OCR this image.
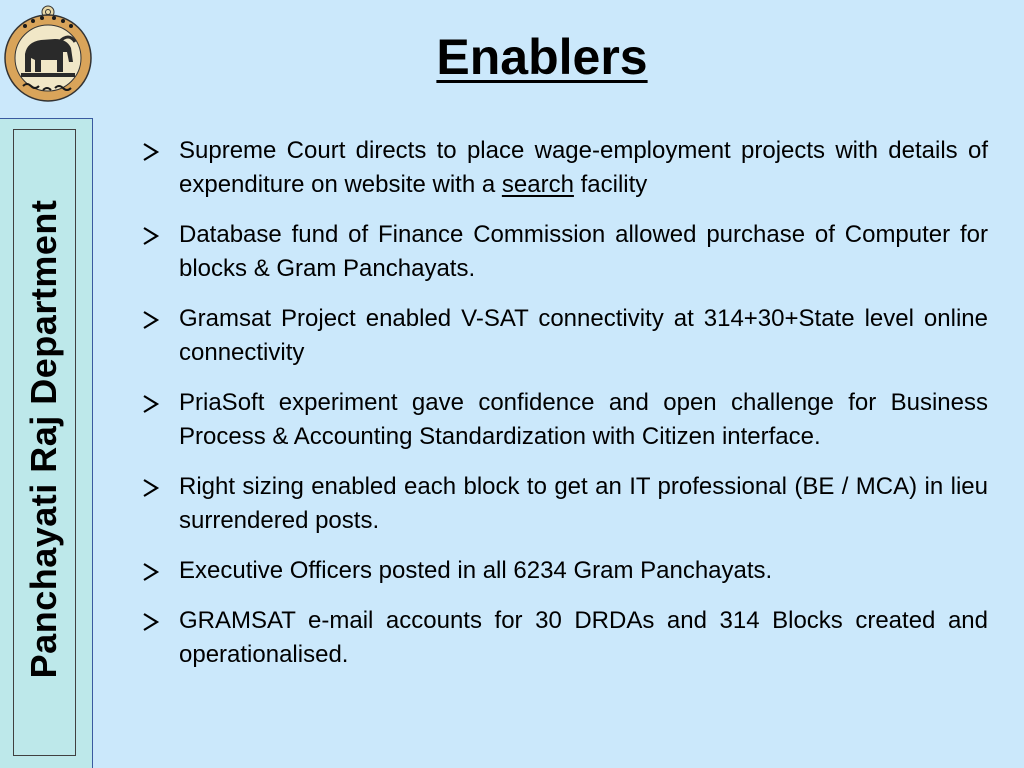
Enablers
Panchayati Raj Department
Supreme Court directs to place wage-employment projects with details of expenditure on website with a search facility
Database fund of Finance Commission allowed purchase of Computer for blocks & Gram Panchayats.
Gramsat Project enabled V-SAT connectivity at 314+30+State level online connectivity
PriaSoft experiment gave confidence and open challenge for Business Process & Accounting Standardization with Citizen interface.
Right sizing enabled each block to get an IT professional (BE / MCA) in lieu surrendered posts.
Executive Officers posted in all 6234 Gram Panchayats.
GRAMSAT e-mail accounts for 30 DRDAs and 314 Blocks created and operationalised.
